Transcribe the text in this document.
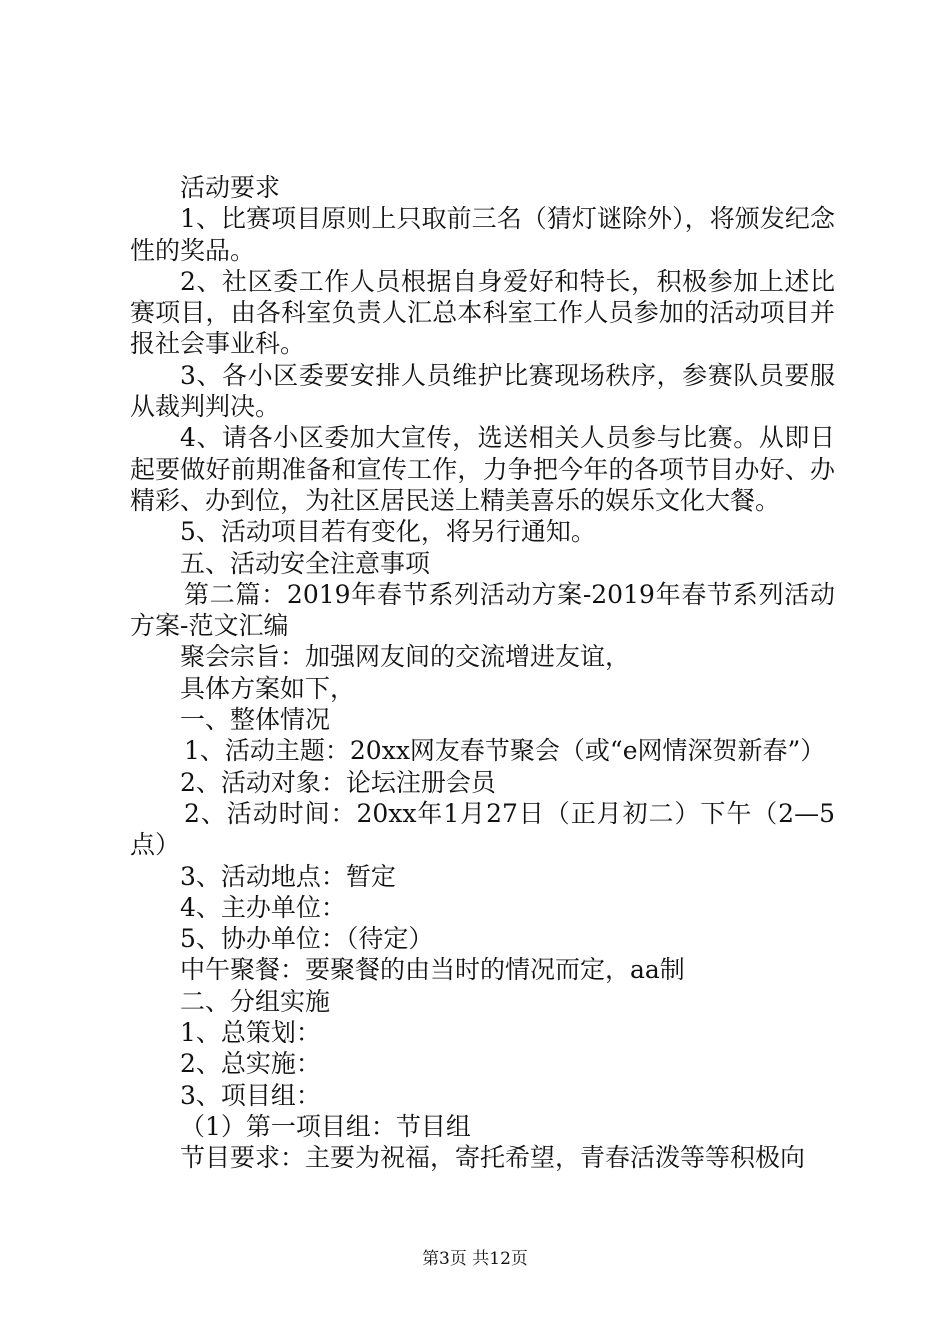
活动要求

1、比赛项目原则上只取前三名（猜灯谜除外），将颁发纪念性的奖品。

2、社区委工作人员根据自身爱好和特长，积极参加上述比赛项目，由各科室负责人汇总本科室工作人员参加的活动项目并报社会事业科。

3、各小区委要安排人员维护比赛现场秩序，参赛队员要服从裁判判决。

4、请各小区委加大宣传，选送相关人员参与比赛。从即日起要做好前期准备和宣传工作，力争把今年的各项节目办好、办精彩、办到位，为社区居民送上精美喜乐的娱乐文化大餐。

5、活动项目若有变化，将另行通知。

五、活动安全注意事项

第二篇：2019年春节系列活动方案-2019年春节系列活动方案-范文汇编

聚会宗旨：加强网友间的交流增进友谊，

具体方案如下，

一、整体情况

1、活动主题：20xx网友春节聚会（或“e网情深贺新春”）

2、活动对象：论坛注册会员

2、活动时间：20xx年1月27日（正月初二）下午（2—5点）

3、活动地点：暂定

4、主办单位：

5、协办单位：（待定）

中午聚餐：要聚餐的由当时的情况而定，aa制

二、分组实施

1、总策划：

2、总实施：

3、项目组：

（1）第一项目组：节目组

节目要求：主要为祝福，寄托希望，青春活泼等等积极向

第3页 共12页
